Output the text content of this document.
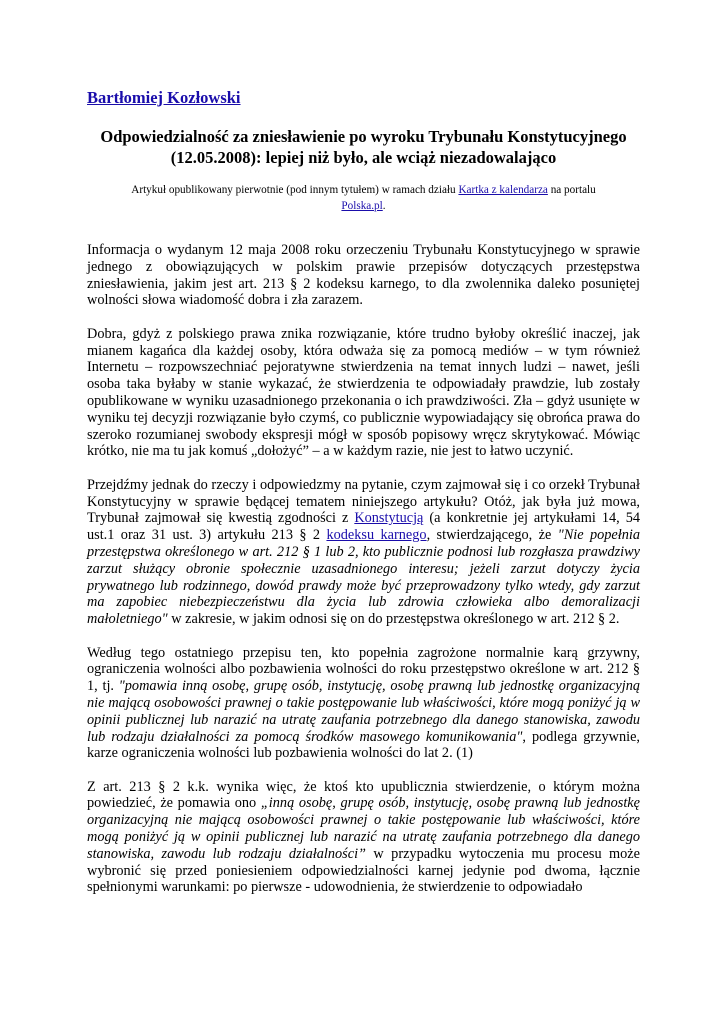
Bartłomiej Kozłowski
Odpowiedzialność za zniesławienie po wyroku Trybunału Konstytucyjnego
(12.05.2008): lepiej niż było, ale wciąż niezadowalająco
Artykuł opublikowany pierwotnie (pod innym tytułem) w ramach działu Kartka z kalendarza na portalu
Polska.pl.

Informacja o wydanym 12 maja 2008 roku orzeczeniu Trybunału Konstytucyjnego w sprawie jednego z obowiązujących w polskim prawie przepisów dotyczących przestępstwa zniesławienia, jakim jest art. 213 § 2 kodeksu karnego, to dla zwolennika daleko posuniętej wolności słowa wiadomość dobra i zła zarazem.

Dobra, gdyż z polskiego prawa znika rozwiązanie, które trudno byłoby określić inaczej, jak mianem kagańca dla każdej osoby, która odważa się za pomocą mediów – w tym również Internetu – rozpowszechniać pejoratywne stwierdzenia na temat innych ludzi – nawet, jeśli osoba taka byłaby w stanie wykazać, że stwierdzenia te odpowiadały prawdzie, lub zostały opublikowane w wyniku uzasadnionego przekonania o ich prawdziwości. Zła – gdyż usunięte w wyniku tej decyzji rozwiązanie było czymś, co publicznie wypowiadający się obrońca prawa do szeroko rozumianej swobody ekspresji mógł w sposób popisowy wręcz skrytykować. Mówiąc krótko, nie ma tu jak komuś „dołożyć” – a w każdym razie, nie jest to łatwo uczynić.

Przejdźmy jednak do rzeczy i odpowiedzmy na pytanie, czym zajmował się i co orzekł Trybunał Konstytucyjny w sprawie będącej tematem niniejszego artykułu? Otóż, jak była już mowa, Trybunał zajmował się kwestią zgodności z Konstytucją (a konkretnie jej artykułami 14, 54 ust.1 oraz 31 ust. 3) artykułu 213 § 2 kodeksu karnego, stwierdzającego, że "Nie popełnia przestępstwa określonego w art. 212 § 1 lub 2, kto publicznie podnosi lub rozgłasza prawdziwy zarzut służący obronie społecznie uzasadnionego interesu; jeżeli zarzut dotyczy życia prywatnego lub rodzinnego, dowód prawdy może być przeprowadzony tylko wtedy, gdy zarzut ma zapobiec niebezpieczeństwu dla życia lub zdrowia człowieka albo demoralizacji małoletniego" w zakresie, w jakim odnosi się on do przestępstwa określonego w art. 212 § 2.

Według tego ostatniego przepisu ten, kto popełnia zagrożone normalnie karą grzywny, ograniczenia wolności albo pozbawienia wolności do roku przestępstwo określone w art. 212 § 1, tj. "pomawia inną osobę, grupę osób, instytucję, osobę prawną lub jednostkę organizacyjną nie mającą osobowości prawnej o takie postępowanie lub właściwości, które mogą poniżyć ją w opinii publicznej lub narazić na utratę zaufania potrzebnego dla danego stanowiska, zawodu lub rodzaju działalności za pomocą środków masowego komunikowania", podlega grzywnie, karze ograniczenia wolności lub pozbawienia wolności do lat 2. (1)

Z art. 213 § 2 k.k. wynika więc, że ktoś kto upublicznia stwierdzenie, o którym można powiedzieć, że pomawia ono „inną osobę, grupę osób, instytucję, osobę prawną lub jednostkę organizacyjną nie mającą osobowości prawnej o takie postępowanie lub właściwości, które mogą poniżyć ją w opinii publicznej lub narazić na utratę zaufania potrzebnego dla danego stanowiska, zawodu lub rodzaju działalności” w przypadku wytoczenia mu procesu może wybronić się przed poniesieniem odpowiedzialności karnej jedynie pod dwoma, łącznie spełnionymi warunkami: po pierwsze - udowodnienia, że stwierdzenie to odpowiadało
